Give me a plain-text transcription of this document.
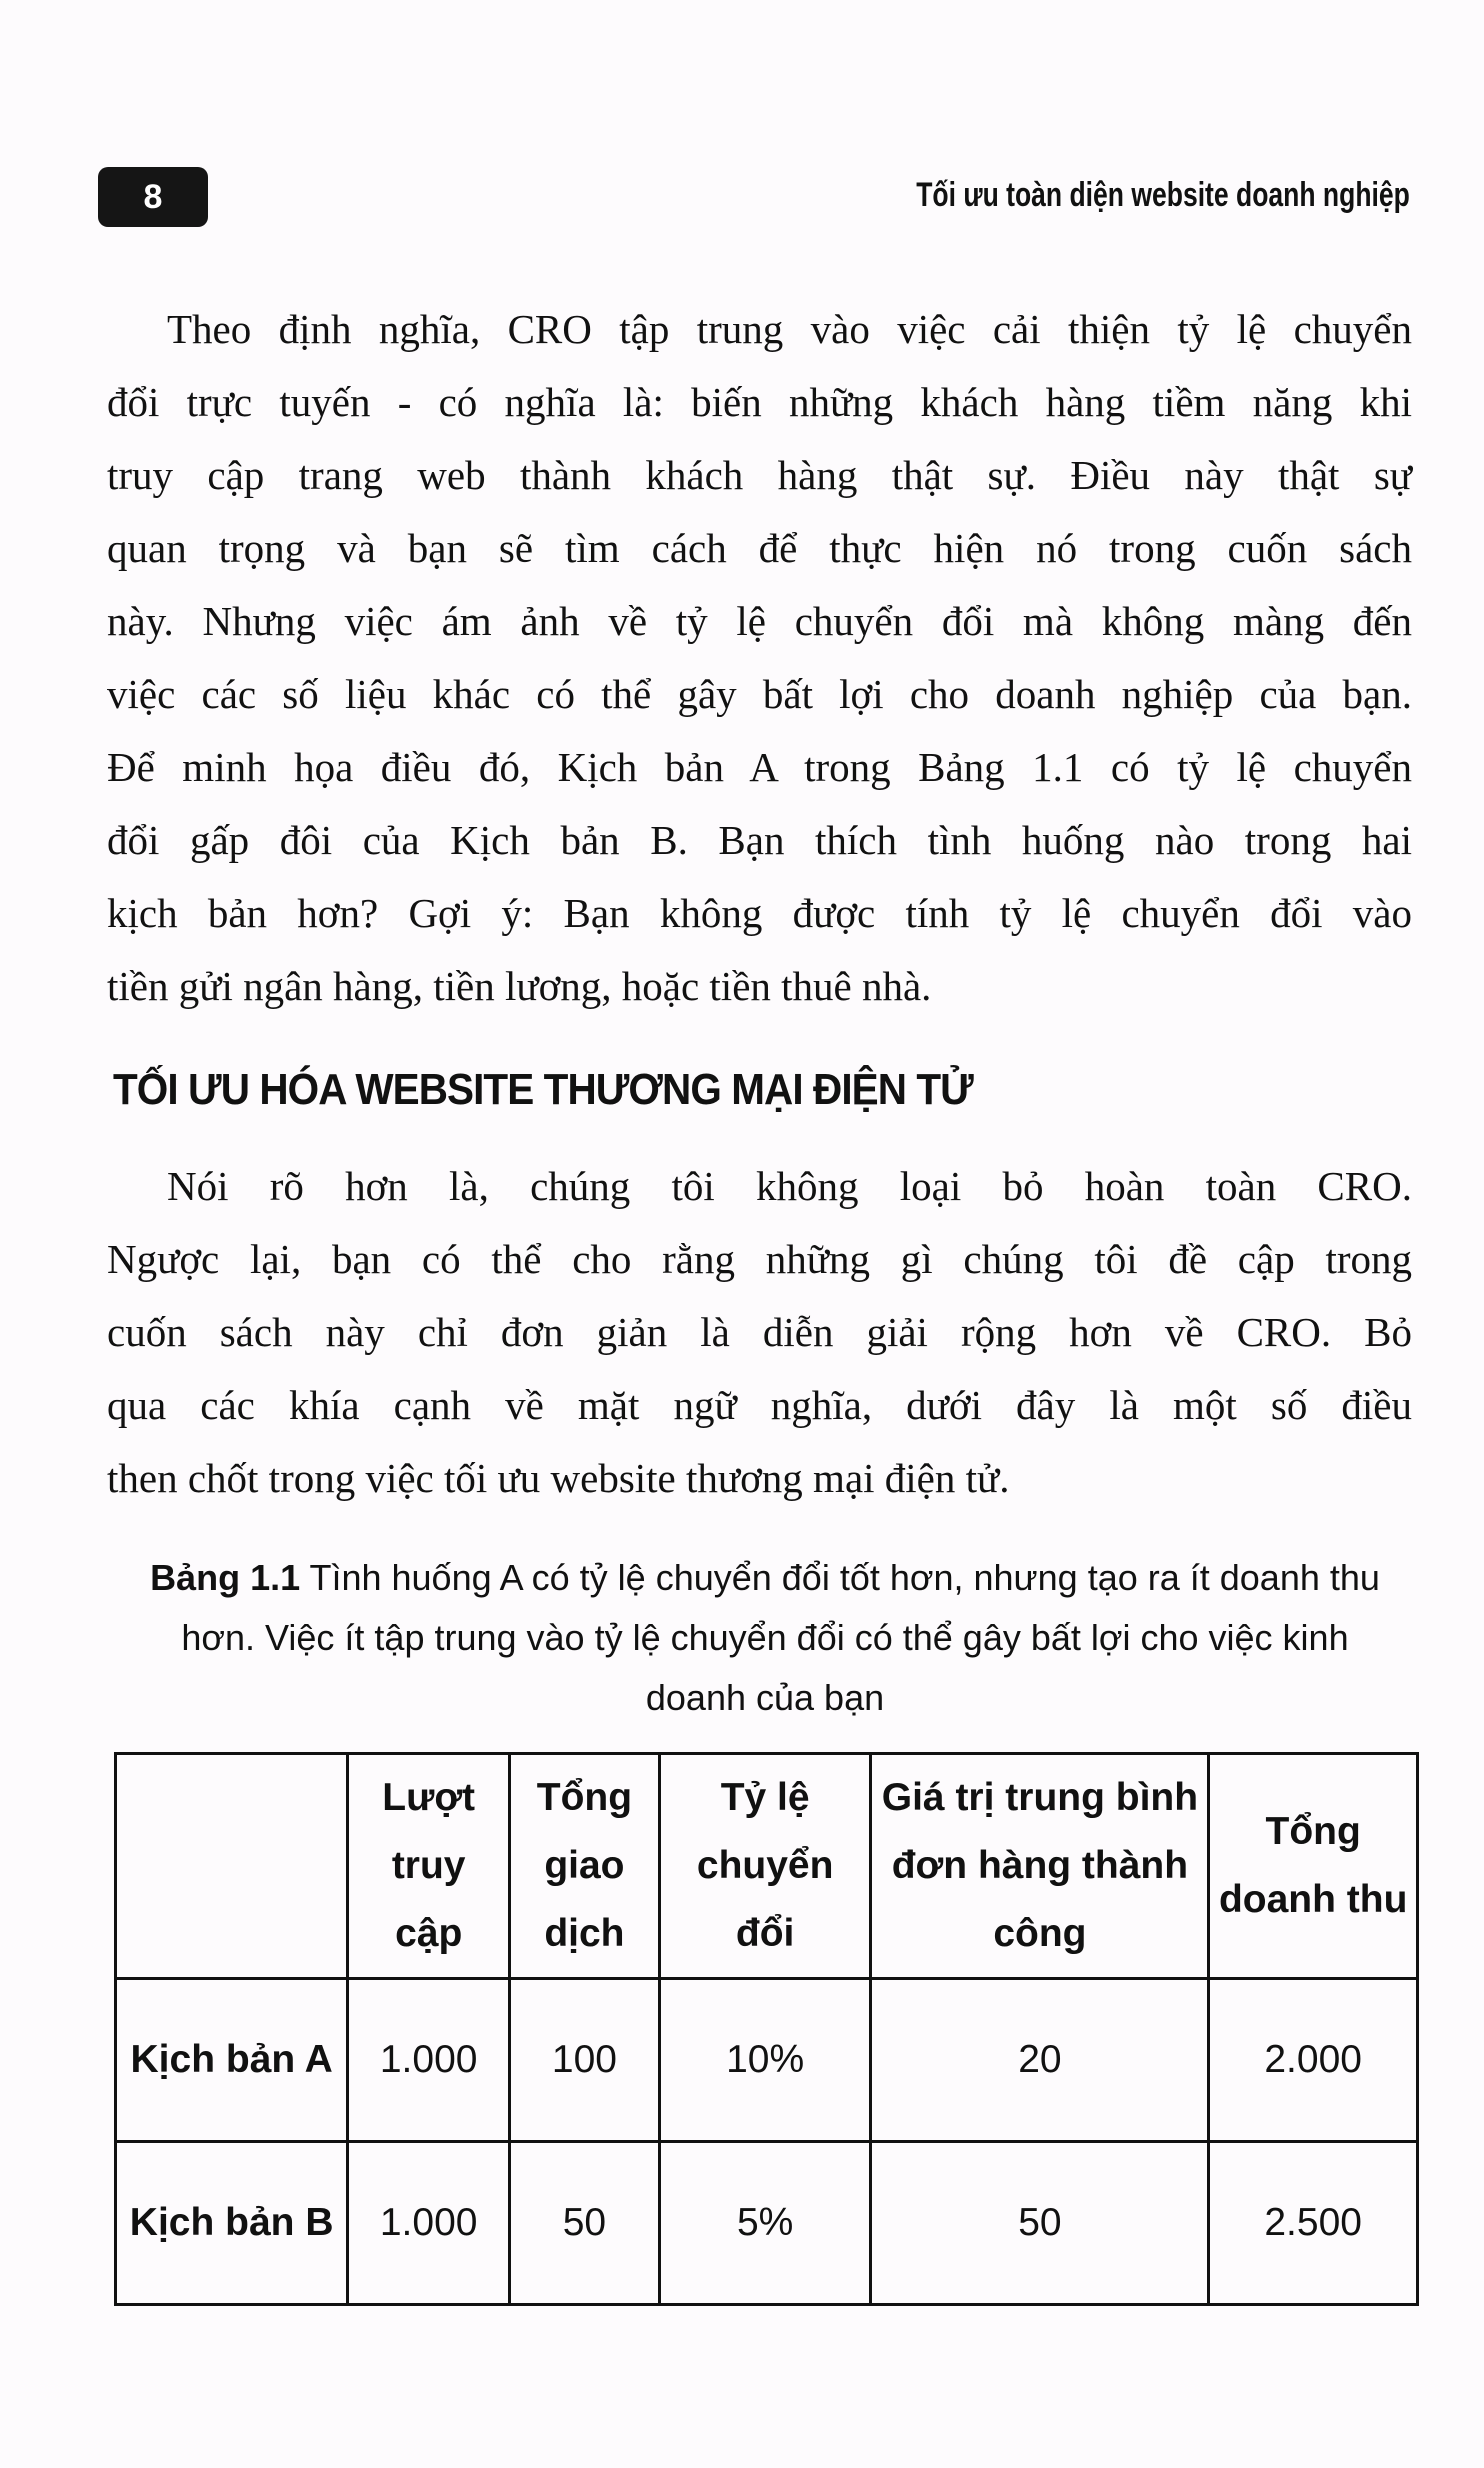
8	Tối ưu toàn diện website doanh nghiệp
Theo định nghĩa, CRO tập trung vào việc cải thiện tỷ lệ chuyển
đổi trực tuyến - có nghĩa là: biến những khách hàng tiềm năng khi
truy cập trang web thành khách hàng thật sự. Điều này thật sự
quan trọng và bạn sẽ tìm cách để thực hiện nó trong cuốn sách
này. Nhưng việc ám ảnh về tỷ lệ chuyển đổi mà không màng đến
việc các số liệu khác có thể gây bất lợi cho doanh nghiệp của bạn.
Để minh họa điều đó, Kịch bản A trong Bảng 1.1 có tỷ lệ chuyển
đổi gấp đôi của Kịch bản B. Bạn thích tình huống nào trong hai
kịch bản hơn? Gợi ý: Bạn không được tính tỷ lệ chuyển đổi vào
tiền gửi ngân hàng, tiền lương, hoặc tiền thuê nhà.
TỐI ƯU HÓA WEBSITE THƯƠNG MẠI ĐIỆN TỬ
Nói rõ hơn là, chúng tôi không loại bỏ hoàn toàn CRO.
Ngược lại, bạn có thể cho rằng những gì chúng tôi đề cập trong
cuốn sách này chỉ đơn giản là diễn giải rộng hơn về CRO. Bỏ
qua các khía cạnh về mặt ngữ nghĩa, dưới đây là một số điều
then chốt trong việc tối ưu website thương mại điện tử.
Bảng 1.1 Tình huống A có tỷ lệ chuyển đổi tốt hơn, nhưng tạo ra ít doanh thu hơn. Việc ít tập trung vào tỷ lệ chuyển đổi có thể gây bất lợi cho việc kinh doanh của bạn
	Lượt truy cập	Tổng giao dịch	Tỷ lệ chuyển đổi	Giá trị trung bình đơn hàng thành công	Tổng doanh thu
Kịch bản A	1.000	100	10%	20	2.000
Kịch bản B	1.000	50	5%	50	2.500
